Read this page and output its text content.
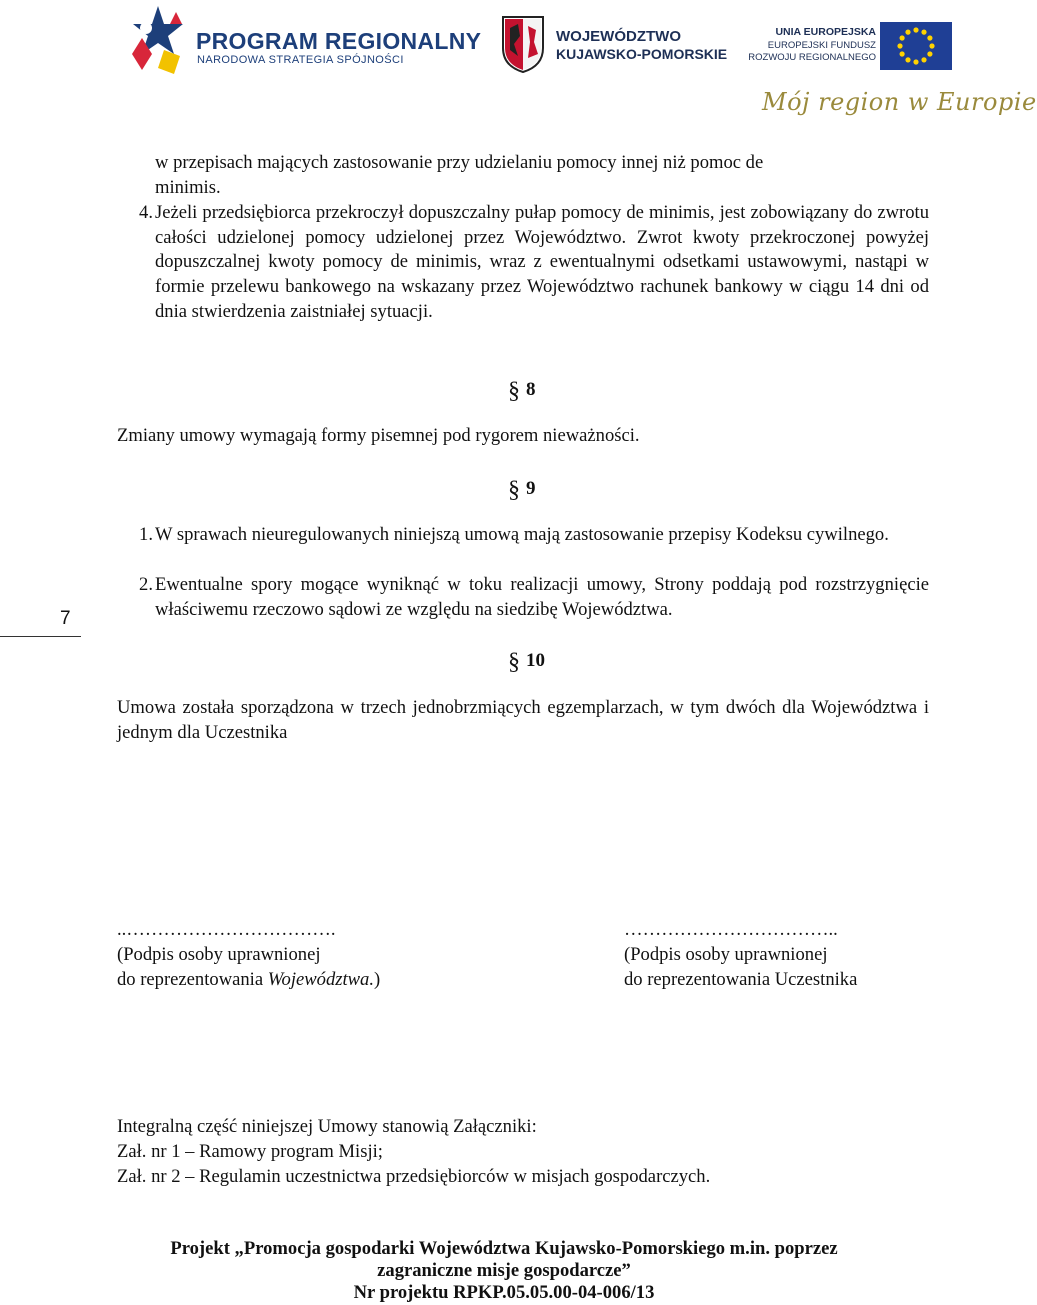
PROGRAM REGIONALNY
NARODOWA STRATEGIA SPÓJNOŚCI
WOJEWÓDZTWO
KUJAWSKO-POMORSKIE
UNIA EUROPEJSKA
EUROPEJSKI FUNDUSZ
ROZWOJU REGIONALNEGO
Mój region w Europie
7
w przepisach mających zastosowanie przy udzielaniu pomocy innej niż pomoc de
minimis.
4. Jeżeli przedsiębiorca przekroczył dopuszczalny pułap pomocy de minimis, jest zobowiązany do zwrotu całości udzielonej pomocy udzielonej przez Województwo. Zwrot kwoty przekroczonej powyżej dopuszczalnej kwoty pomocy de minimis, wraz z ewentualnymi odsetkami ustawowymi, nastąpi w formie przelewu bankowego na wskazany przez Województwo rachunek bankowy w ciągu 14 dni od dnia stwierdzenia zaistniałej sytuacji.
§ 8
Zmiany umowy wymagają formy pisemnej pod rygorem nieważności.
§ 9
1. W sprawach nieuregulowanych niniejszą umową mają zastosowanie przepisy Kodeksu cywilnego.
2. Ewentualne spory mogące wyniknąć w toku realizacji umowy, Strony poddają pod rozstrzygnięcie właściwemu rzeczowo sądowi ze względu na siedzibę Województwa.
§ 10
Umowa została sporządzona w trzech jednobrzmiących egzemplarzach, w tym dwóch dla Województwa i jednym dla Uczestnika
..…………………………….
(Podpis osoby uprawnionej
do reprezentowania Województwa.)
……………………………..
(Podpis osoby uprawnionej
do reprezentowania Uczestnika
Integralną część niniejszej Umowy stanowią Załączniki:
Zał. nr 1 – Ramowy program Misji;
Zał. nr 2 – Regulamin uczestnictwa przedsiębiorców w misjach gospodarczych.
Projekt „Promocja gospodarki Województwa Kujawsko-Pomorskiego m.in. poprzez
zagraniczne misje gospodarcze”
Nr projektu RPKP.05.05.00-04-006/13
